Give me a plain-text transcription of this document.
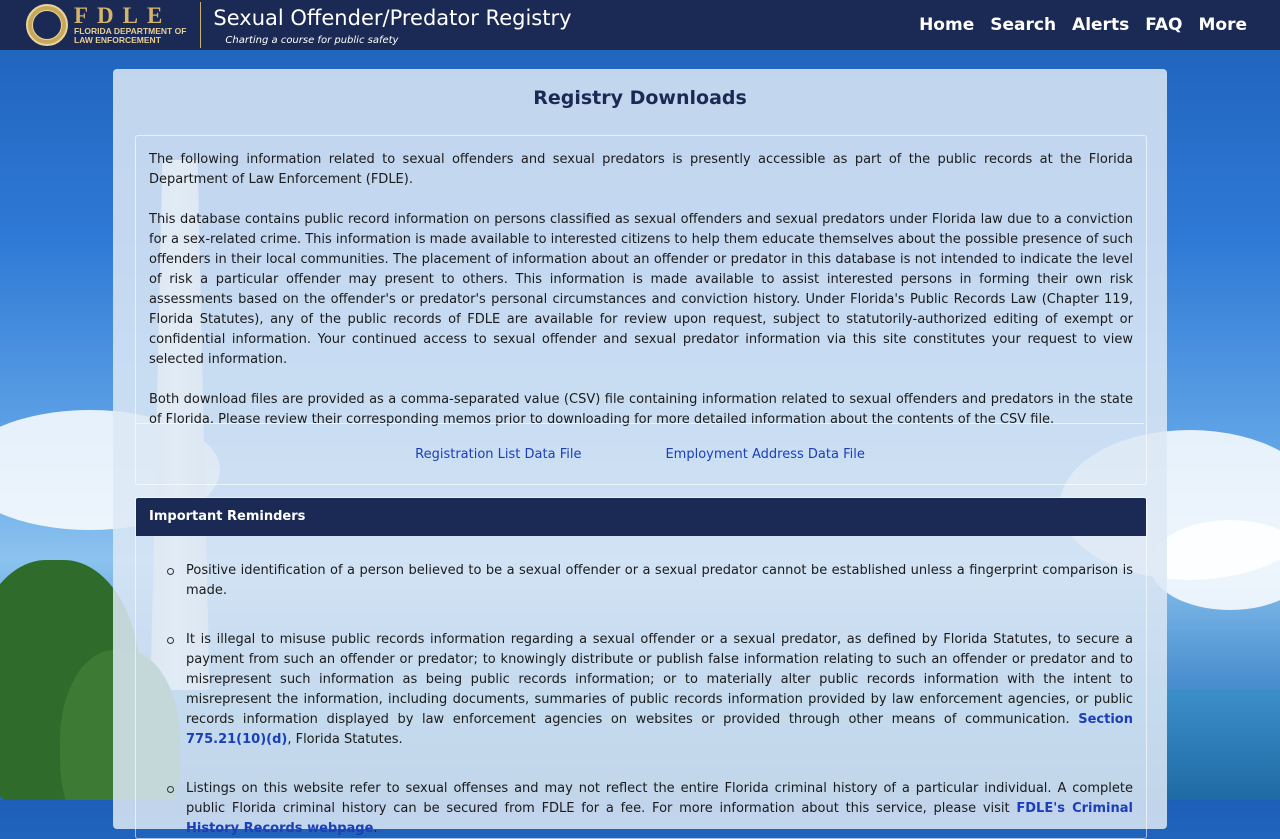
FDLE
FLORIDA DEPARTMENT OF
LAW ENFORCEMENT
Sexual Offender/Predator Registry
Charting a course for public safety
Home Search Alerts FAQ More
Registry Downloads

The following information related to sexual offenders and sexual predators is presently accessible as part of the public records at the Florida Department of Law Enforcement (FDLE).

This database contains public record information on persons classified as sexual offenders and sexual predators under Florida law due to a conviction for a sex-related crime. This information is made available to interested citizens to help them educate themselves about the possible presence of such offenders in their local communities. The placement of information about an offender or predator in this database is not intended to indicate the level of risk a particular offender may present to others. This information is made available to assist interested persons in forming their own risk assessments based on the offender's or predator's personal circumstances and conviction history. Under Florida's Public Records Law (Chapter 119, Florida Statutes), any of the public records of FDLE are available for review upon request, subject to statutorily-authorized editing of exempt or confidential information. Your continued access to sexual offender and sexual predator information via this site constitutes your request to view selected information.

Both download files are provided as a comma-separated value (CSV) file containing information related to sexual offenders and predators in the state of Florida. Please review their corresponding memos prior to downloading for more detailed information about the contents of the CSV file.

Registration List Data File	Employment Address Data File
Important Reminders
Positive identification of a person believed to be a sexual offender or a sexual predator cannot be established unless a fingerprint comparison is made.
It is illegal to misuse public records information regarding a sexual offender or a sexual predator, as defined by Florida Statutes, to secure a payment from such an offender or predator; to knowingly distribute or publish false information relating to such an offender or predator and to misrepresent such information as being public records information; or to materially alter public records information with the intent to misrepresent the information, including documents, summaries of public records information provided by law enforcement agencies, or public records information displayed by law enforcement agencies on websites or provided through other means of communication. Section 775.21(10)(d), Florida Statutes.
Listings on this website refer to sexual offenses and may not reflect the entire Florida criminal history of a particular individual. A complete public Florida criminal history can be secured from FDLE for a fee. For more information about this service, please visit FDLE's Criminal History Records webpage.
